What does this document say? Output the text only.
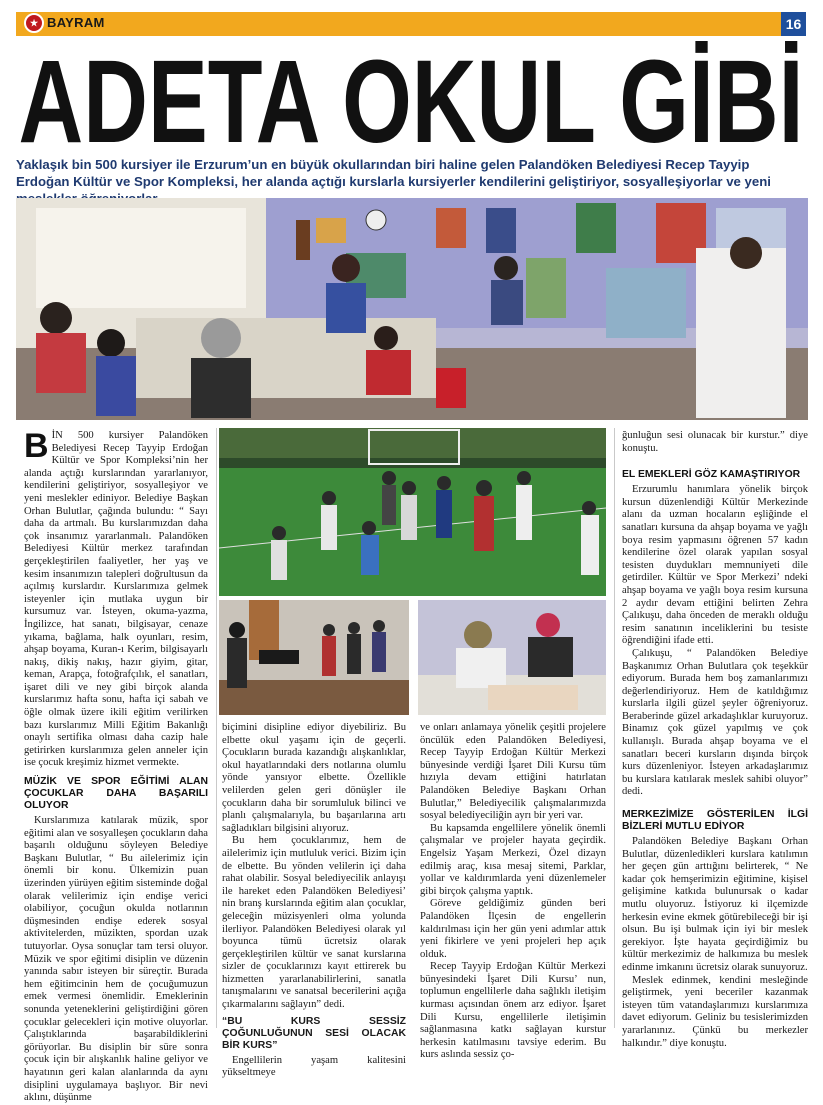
★ BAYRAM	16
ADETA OKUL GİBİ
Yaklaşık bin 500 kursiyer ile Erzurum’un en büyük okullarından biri haline gelen Palandöken Belediyesi Recep Tayyip Erdoğan Kültür ve Spor Kompleksi, her alanda açtığı kurslarla kursiyerler kendilerini geliştiriyor, sosyalleşiyorlar ve yeni

BİN 500 kursiyer Palandöken Belediyesi Recep Tayyip Erdoğan Kültür ve Spor Kompleksi’nin her alanda açtığı kurslarından yararlanıyor, kendilerini geliştiriyor, sosyalleşiyor ve yeni meslekler ediniyor. Belediye Başkan Orhan Bulutlar, çağında bulundu: “ Sayı daha da artmalı. Bu kurslarımızdan daha çok insanımız yararlanmalı. Palandöken Belediyesi Kültür merkez tarafından gerçekleştirilen faaliyetler, her yaş ve kesim insanımızın talepleri doğrultusun da açılmış kurslardır. Kurslarımıza gelmek isteyenler için mutlaka uygun bir kursumuz var. İsteyen, okuma-yazma, İngilizce, hat sanatı, bilgisayar, cenaze yıkama, bağlama, halk oyunları, resim, ahşap boyama, Kuran-ı Kerim, bilgisayarlı nakış, dikiş nakış, hazır giyim, gitar, keman, Arapça, fotoğrafçılık, el sanatları, işaret dili ve ney gibi birçok alanda kurslarımız hafta sonu, hafta içi sabah ve öğle olmak üzere ikili eğitim verilirken bazı kurslarımız Milli Eğitim Bakanlığı onaylı sertifika olması daha cazip hale getirirken kurslarımıza gelen anneler için ise çocuk kreşimiz hizmet vermekte.

MÜZİK VE SPOR EĞİTİMİ ALAN ÇOCUKLAR DAHA BAŞARILI OLUYOR

Kurslarımıza katılarak müzik, spor eğitimi alan ve sosyalleşen çocukların daha başarılı olduğunu söyleyen Belediye Başkanı Bulutlar, “ Bu ailelerimiz için önemli bir konu. Ülkemizin puan üzerinden yürüyen eğitim sisteminde doğal olarak velilerimiz için endişe verici olabiliyor, çocuğun okulda notlarının düşmesinden endişe ederek sosyal aktivitelerden, müzikten, spordan uzak tutuyorlar. Oysa sonuçlar tam tersi oluyor. Müzik ve spor eğitimi disiplin ve düzenin yanında sabır isteyen bir süreçtir. Burada hem eğitimcinin hem de çocuğumuzun emek vermesi önemlidir. Emeklerinin sonunda yeteneklerini geliştirdiğini gören çocuklar gelecekleri için motive oluyorlar. Çalıştıklarında başarabildiklerini görüyorlar. Bu disiplin bir süre sonra çocuk için bir alışkanlık haline geliyor ve hayatının geri kalan alanlarında da aynı disiplini uygulamaya başlıyor. Bir nevi aklını, düşünme

biçimini disipline ediyor diyebiliriz. Bu elbette okul yaşamı için de geçerli. Çocukların burada kazandığı alışkanlıklar, okul hayatlarındaki ders notlarına olumlu yönde yansıyor elbette. Özellikle velilerden gelen geri dönüşler ile çocukların daha bir sorumluluk bilinci ve planlı çalışmalarıyla, bu başarılarına artı sağladıkları bilgisini alıyoruz.

Bu hem çocuklarımız, hem de ailelerimiz için mutluluk verici. Bizim için de elbette. Bu yönden velilerin içi daha rahat olabilir. Sosyal belediyecilik anlayışı ile hareket eden Palandöken Belediyesi’ nin branş kurslarında eğitim alan çocuklar, geleceğin müzisyenleri olma yolunda ilerliyor. Palandöken Belediyesi olarak yıl boyunca tümü ücretsiz olarak gerçekleştirilen kültür ve sanat kurslarına sizler de çocuklarınızı kayıt ettirerek bu hizmetten yararlanabilirlerini, sanatla tanışmalarını ve sanatsal becerilerini açığa çıkarmalarını sağlayın” dedi.

“BU KURS SESSİZ ÇOĞUNLUĞUNUN SESİ OLACAK BİR KURS”

Engellilerin yaşam kalitesini yükseltmeye

ve onları anlamaya yönelik çeşitli projelere öncülük eden Palandöken Belediyesi, Recep Tayyip Erdoğan Kültür Merkezi bünyesinde verdiği İşaret Dili Kursu tüm hızıyla devam ettiğini hatırlatan Palandöken Belediye Başkanı Orhan Bulutlar,” Belediyecilik çalışmalarımızda sosyal belediyeciliğin ayrı bir yeri var.

Bu kapsamda engellilere yönelik önemli çalışmalar ve projeler hayata geçirdik. Engelsiz Yaşam Merkezi, Özel dizayn edilmiş araç, kısa mesaj sitemi, Parklar, yollar ve kaldırımlarda yeni düzenlemeler gibi birçok çalışma yaptık.

Göreve geldiğimiz günden beri Palandöken İlçesin de engellerin kaldırılması için her gün yeni adımlar attık yeni fikirlere ve yeni projeleri hep açık olduk.

Recep Tayyip Erdoğan Kültür Merkezi bünyesindeki İşaret Dili Kursu’ nun, toplumun engellilerle daha sağlıklı iletişim kurması açısından önem arz ediyor. İşaret Dili Kursu, engellilerle iletişimin sağlanmasına katkı sağlayan kurstur herkesin katılmasını tavsiye ederim. Bu kurs aslında sessiz ço-

ğunluğun sesi olunacak bir kurstur.” diye konuştu.

EL EMEKLERİ GÖZ KAMAŞTIRIYOR

Erzurumlu hanımlara yönelik birçok kursun düzenlendiği Kültür Merkezinde alanı da uzman hocaların eşliğinde el sanatları kursuna da ahşap boyama ve yağlı boya resim yapmasını öğrenen 57 kadın kendilerine özel olarak yapılan sosyal tesisten duydukları memnuniyeti dile getirdiler. Kültür ve Spor Merkezi’ ndeki ahşap boyama ve yağlı boya resim kursuna 2 aydır devam ettiğini belirten Zehra Çalıkuşu, daha önceden de meraklı olduğu resim sanatının inceliklerini bu tesiste öğrendiğini ifade etti.

Çalıkuşu, “ Palandöken Belediye Başkanımız Orhan Bulutlara çok teşekkür ediyorum. Burada hem boş zamanlarımızı değerlendiriyoruz. Hem de katıldığımız kurslarla ilgili güzel şeyler öğreniyoruz. Beraberinde güzel arkadaşlıklar kuruyoruz. Binamız çok güzel yapılmış ve çok kullanışlı. Burada ahşap boyama ve el sanatları beceri kursların dışında birçok kurs düzenleniyor. İsteyen arkadaşlarımız bu kurslara katılarak meslek sahibi oluyor” dedi.

MERKEZİMİZE GÖSTERİLEN İLGİ BİZLERİ MUTLU EDİYOR

Palandöken Belediye Başkanı Orhan Bulutlar, düzenledikleri kurslara katılımın her geçen gün arttığını belirterek, “ Ne kadar çok hemşerimizin eğitimine, kişisel gelişimine katkıda bulunursak o kadar mutlu oluyoruz. İstiyoruz ki ilçemizde herkesin evine ekmek götürebileceği bir işi olsun. Bu işi bulmak için iyi bir meslek gerekiyor. İşte hayata geçirdiğimiz bu kültür merkezimiz de halkımıza bu meslek edinme imkanını ücretsiz olarak sunuyoruz.

Meslek edinmek, kendini mesleğinde geliştirmek, yeni beceriler kazanmak isteyen tüm vatandaşlarımızı kurslarımıza davet ediyorum. Geliniz bu tesislerimizden yararlanınız. Çünkü bu merkezler halkındır.” diye konuştu.
